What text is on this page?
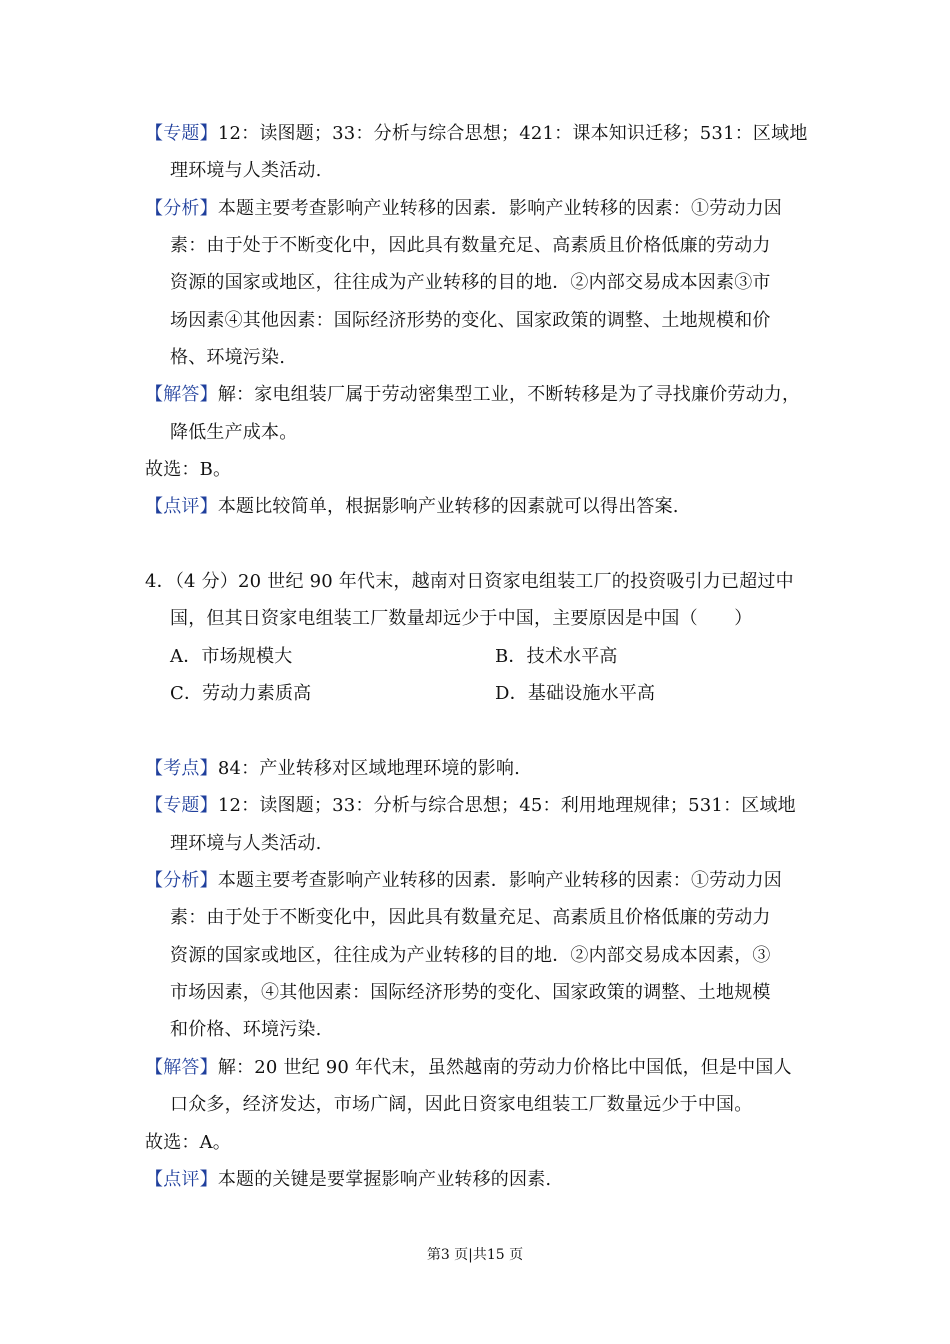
【专题】12：读图题；33：分析与综合思想；421：课本知识迁移；531：区域地
理环境与人类活动.
【分析】本题主要考查影响产业转移的因素．影响产业转移的因素：①劳动力因
素：由于处于不断变化中，因此具有数量充足、高素质且价格低廉的劳动力
资源的国家或地区，往往成为产业转移的目的地．②内部交易成本因素③市
场因素④其他因素：国际经济形势的变化、国家政策的调整、土地规模和价
格、环境污染.
【解答】解：家电组装厂属于劳动密集型工业，不断转移是为了寻找廉价劳动力，
降低生产成本。
故选：B。
【点评】本题比较简单，根据影响产业转移的因素就可以得出答案.
4．（4 分）20 世纪 90 年代末，越南对日资家电组装工厂的投资吸引力已超过中
国，但其日资家电组装工厂数量却远少于中国，主要原因是中国（　　）
A．市场规模大	B．技术水平高
C．劳动力素质高	D．基础设施水平高
【考点】84：产业转移对区域地理环境的影响.
【专题】12：读图题；33：分析与综合思想；45：利用地理规律；531：区域地
理环境与人类活动.
【分析】本题主要考查影响产业转移的因素．影响产业转移的因素：①劳动力因
素：由于处于不断变化中，因此具有数量充足、高素质且价格低廉的劳动力
资源的国家或地区，往往成为产业转移的目的地．②内部交易成本因素，③
市场因素，④其他因素：国际经济形势的变化、国家政策的调整、土地规模
和价格、环境污染.
【解答】解：20 世纪 90 年代末，虽然越南的劳动力价格比中国低，但是中国人
口众多，经济发达，市场广阔，因此日资家电组装工厂数量远少于中国。
故选：A。
【点评】本题的关键是要掌握影响产业转移的因素.
第3 页|共15 页
